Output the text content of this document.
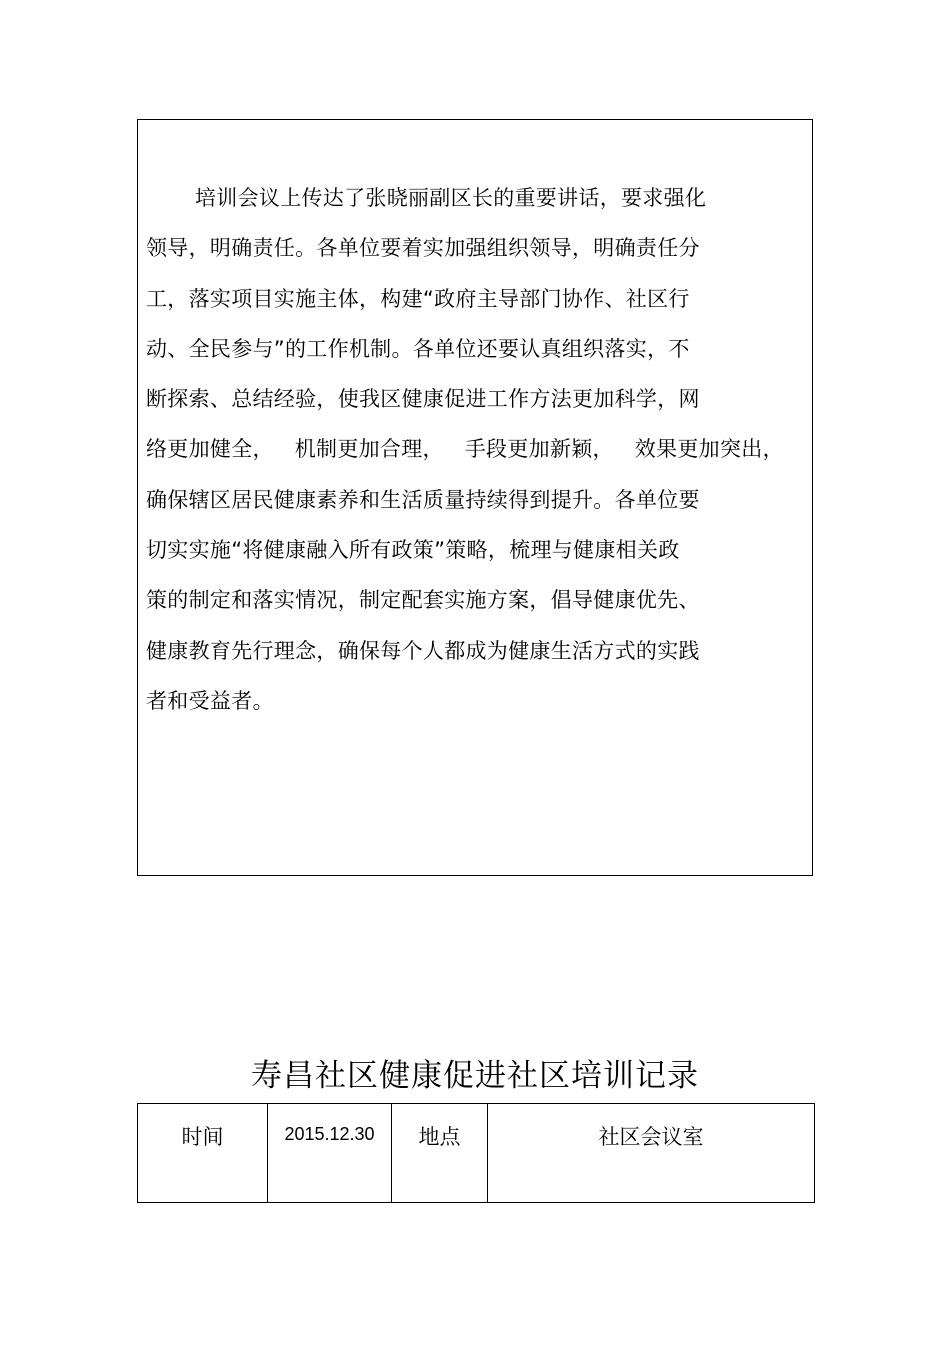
培训会议上传达了张晓丽副区长的重要讲话，要求强化
领导，明确责任。各单位要着实加强组织领导，明确责任分
工，落实项目实施主体，构建“政府主导部门协作、社区行
动、全民参与”的工作机制。各单位还要认真组织落实，不
断探索、总结经验，使我区健康促进工作方法更加科学，网
络更加健全，   机制更加合理，   手段更加新颖，   效果更加突出，
确保辖区居民健康素养和生活质量持续得到提升。各单位要
切实实施“将健康融入所有政策”策略，梳理与健康相关政
策的制定和落实情况，制定配套实施方案，倡导健康优先、
健康教育先行理念，确保每个人都成为健康生活方式的实践
者和受益者。
寿昌社区健康促进社区培训记录
时间	2015.12.30	地点	社区会议室
